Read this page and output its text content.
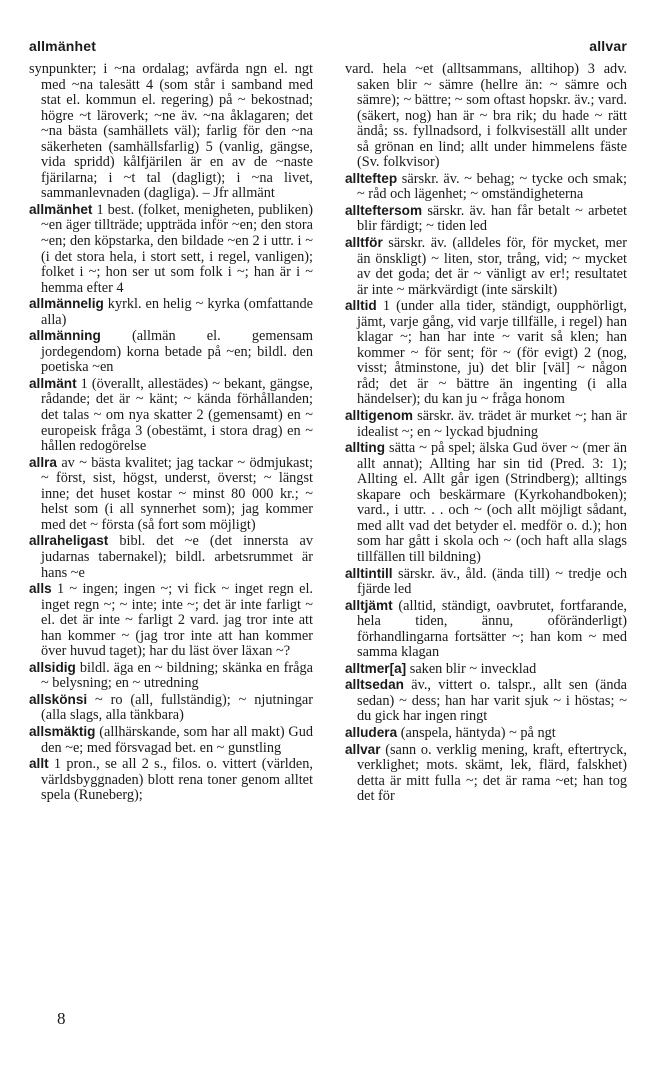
allmänhet	allvar

synpunkter; i ~na ordalag; avfärda ngn el. ngt med ~na talesätt 4 (som står i samband med stat el. kommun el. regering) på ~ bekostnad; högre ~t läroverk; ~ne äv. ~na åklagaren; det ~na bästa (samhällets väl); farlig för den ~na säkerheten (samhällsfarlig) 5 (vanlig, gängse, vida spridd) kålfjärilen är en av de ~naste fjärilarna; i ~t tal (dagligt); i ~na livet, sammanlevnaden (dagliga). – Jfr allmänt

allmänhet 1 best. (folket, menigheten, publiken) ~en äger tillträde; uppträda inför ~en; den stora ~en; den köpstarka, den bildade ~en 2 i uttr. i ~ (i det stora hela, i stort sett, i regel, vanligen); folket i ~; hon ser ut som folk i ~; han är i ~ hemma efter 4

allmännelig kyrkl. en helig ~ kyrka (omfattande alla)

allmänning (allmän el. gemensam jordegendom) korna betade på ~en; bildl. den poetiska ~en

allmänt 1 (överallt, allestädes) ~ bekant, gängse, rådande; det är ~ känt; ~ kända förhållanden; det talas ~ om nya skatter 2 (gemensamt) en ~ europeisk fråga 3 (obestämt, i stora drag) en ~ hållen redogörelse

allra av ~ bästa kvalitet; jag tackar ~ ödmjukast; ~ först, sist, högst, underst, överst; ~ längst inne; det huset kostar ~ minst 80 000 kr.; ~ helst som (i all synnerhet som); jag kommer med det ~ första (så fort som möjligt)

allraheligast bibl. det ~e (det innersta av judarnas tabernakel); bildl. arbetsrummet är hans ~e

alls 1 ~ ingen; ingen ~; vi fick ~ inget regn el. inget regn ~; ~ inte; inte ~; det är inte farligt ~ el. det är inte ~ farligt 2 vard. jag tror inte att han kommer ~ (jag tror inte att han kommer över huvud taget); har du läst över läxan ~?

allsidig bildl. äga en ~ bildning; skänka en fråga ~ belysning; en ~ utredning

allskönsi ~ ro (all, fullständig); ~ njutningar (alla slags, alla tänkbara)

allsmäktig (allhärskande, som har all makt) Gud den ~e; med försvagad bet. en ~ gunstling

allt 1 pron., se all 2 s., filos. o. vittert (världen, världsbyggnaden) blott rena toner genom alltet spela (Runeberg);

vard. hela ~et (alltsammans, alltihop) 3 adv. saken blir ~ sämre (hellre än: ~ sämre och sämre); ~ bättre; ~ som oftast hopskr. äv.; vard. (säkert, nog) han är ~ bra rik; du hade ~ rätt ändå; ss. fyllnadsord, i folkviseställ allt under så grönan en lind; allt under himmelens fäste (Sv. folkvisor)

allteftер särskr. äv. ~ behag; ~ tycke och smak; ~ råd och lägenhet; ~ omständigheterna

allteftersom särskr. äv. han får betalt ~ arbetet blir färdigt; ~ tiden led

alltför särskr. äv. (alldeles för, för mycket, mer än önskligt) ~ liten, stor, trång, vid; ~ mycket av det goda; det är ~ vänligt av er!; resultatet är inte ~ märkvärdigt (inte särskilt)

alltid 1 (under alla tider, ständigt, oupphörligt, jämt, varje gång, vid varje tillfälle, i regel) han klagar ~; han har inte ~ varit så klen; han kommer ~ för sent; för ~ (för evigt) 2 (nog, visst; åtminstone, ju) det blir [väl] ~ någon råd; det är ~ bättre än ingenting (i alla händelser); du kan ju ~ fråga honom

alltigenom särskr. äv. trädet är murket ~; han är idealist ~; en ~ lyckad bjudning

allting sätta ~ på spel; älska Gud över ~ (mer än allt annat); Allting har sin tid (Pred. 3: 1); Allting el. Allt går igen (Strindberg); alltings skapare och beskärmare (Kyrkohandboken); vard., i uttr. . . och ~ (och allt möjligt sådant, med allt vad det betyder el. medför o. d.); hon som har gått i skola och ~ (och haft alla slags tillfällen till bildning)

alltintill särskr. äv., åld. (ända till) ~ tredje och fjärde led

alltjämt (alltid, ständigt, oavbrutet, fortfarande, hela tiden, ännu, oföränderligt) förhandlingarna fortsätter ~; han kom ~ med samma klagan

alltmer[a] saken blir ~ invecklad

alltsedan äv., vittert o. talspr., allt sen (ända sedan) ~ dess; han har varit sjuk ~ i höstas; ~ du gick har ingen ringt

alludera (anspela, häntyda) ~ på ngt

allvar (sann o. verklig mening, kraft, eftertryck, verklighet; mots. skämt, lek, flärd, falskhet) detta är mitt fulla ~; det är rama ~et; han tog det för

8
